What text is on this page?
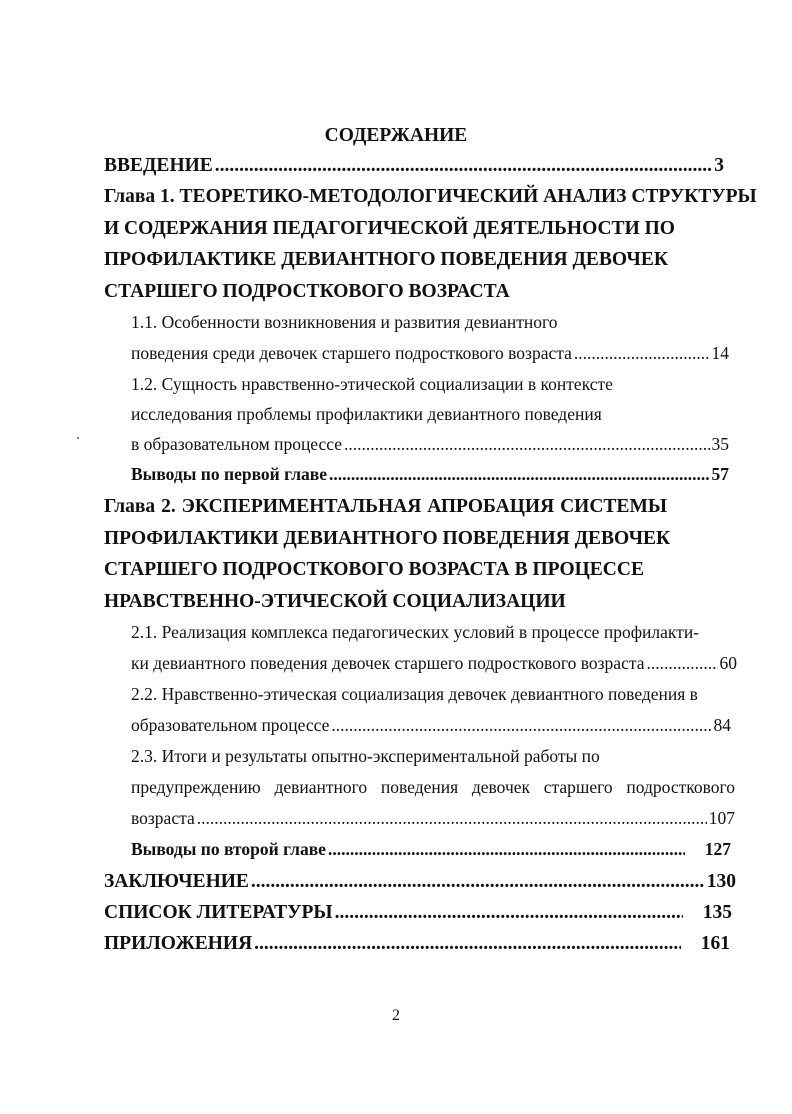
СОДЕРЖАНИЕ
ВВЕДЕНИЕ .....	3
Глава 1. ТЕОРЕТИКО-МЕТОДОЛОГИЧЕСКИЙ АНАЛИЗ СТРУКТУРЫ
И СОДЕРЖАНИЯ ПЕДАГОГИЧЕСКОЙ ДЕЯТЕЛЬНОСТИ ПО
ПРОФИЛАКТИКЕ ДЕВИАНТНОГО ПОВЕДЕНИЯ ДЕВОЧЕК
СТАРШЕГО ПОДРОСТКОВОГО ВОЗРАСТА
1.1. Особенности возникновения и развития девиантного
поведения среди девочек старшего подросткового возраста .....	14
1.2. Сущность нравственно-этической социализации в контексте
исследования проблемы профилактики девиантного поведения
в образовательном процессе .....	35
Выводы по первой главе .....	57
Глава 2. ЭКСПЕРИМЕНТАЛЬНАЯ АПРОБАЦИЯ СИСТЕМЫ
ПРОФИЛАКТИКИ ДЕВИАНТНОГО ПОВЕДЕНИЯ ДЕВОЧЕК
СТАРШЕГО ПОДРОСТКОВОГО ВОЗРАСТА В ПРОЦЕССЕ
НРАВСТВЕННО-ЭТИЧЕСКОЙ СОЦИАЛИЗАЦИИ
2.1. Реализация комплекса педагогических условий в процессе профилакти-
ки девиантного поведения девочек старшего подросткового возраста .....	60
2.2. Нравственно-этическая социализация девочек девиантного поведения в
образовательном процессе .....	84
2.3. Итоги и результаты опытно-экспериментальной работы по
предупреждению девиантного поведения девочек старшего подросткового
возраста .....	107
Выводы по второй главе .....	127
ЗАКЛЮЧЕНИЕ .....	130
СПИСОК ЛИТЕРАТУРЫ .....	135
ПРИЛОЖЕНИЯ .....	161
2
